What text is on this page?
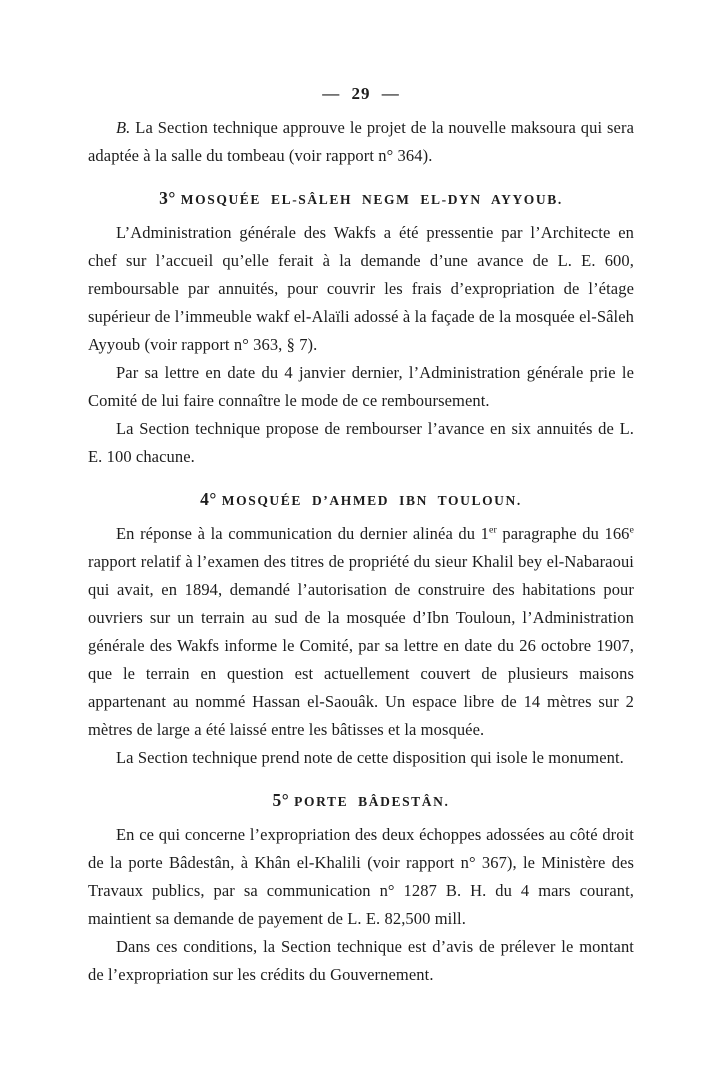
— 29 —

B. La Section technique approuve le projet de la nouvelle maksoura qui sera adaptée à la salle du tombeau (voir rapport n° 364).

3° MOSQUÉE EL-SÂLEH NEGM EL-DYN AYYOUB.

L’Administration générale des Wakfs a été pressentie par l’Architecte en chef sur l’accueil qu’elle ferait à la demande d’une avance de L. E. 600, remboursable par annuités, pour couvrir les frais d’expropriation de l’étage supérieur de l’immeuble wakf el-Alaïli adossé à la façade de la mosquée el-Sâleh Ayyoub (voir rapport n° 363, § 7).

Par sa lettre en date du 4 janvier dernier, l’Administration générale prie le Comité de lui faire connaître le mode de ce remboursement.

La Section technique propose de rembourser l’avance en six annuités de L. E. 100 chacune.

4° MOSQUÉE D’AHMED IBN TOULOUN.

En réponse à la communication du dernier alinéa du 1er paragraphe du 166e rapport relatif à l’examen des titres de propriété du sieur Khalil bey el-Nabaraoui qui avait, en 1894, demandé l’autorisation de construire des habitations pour ouvriers sur un terrain au sud de la mosquée d’Ibn Touloun, l’Administration générale des Wakfs informe le Comité, par sa lettre en date du 26 octobre 1907, que le terrain en question est actuellement couvert de plusieurs maisons appartenant au nommé Hassan el-Saouâk. Un espace libre de 14 mètres sur 2 mètres de large a été laissé entre les bâtisses et la mosquée.

La Section technique prend note de cette disposition qui isole le monument.

5° PORTE BÂDESTÂN.

En ce qui concerne l’expropriation des deux échoppes adossées au côté droit de la porte Bâdestân, à Khân el-Khalili (voir rapport n° 367), le Ministère des Travaux publics, par sa communication n° 1287 B. H. du 4 mars courant, maintient sa demande de payement de L. E. 82,500 mill.

Dans ces conditions, la Section technique est d’avis de prélever le montant de l’expropriation sur les crédits du Gouvernement.
